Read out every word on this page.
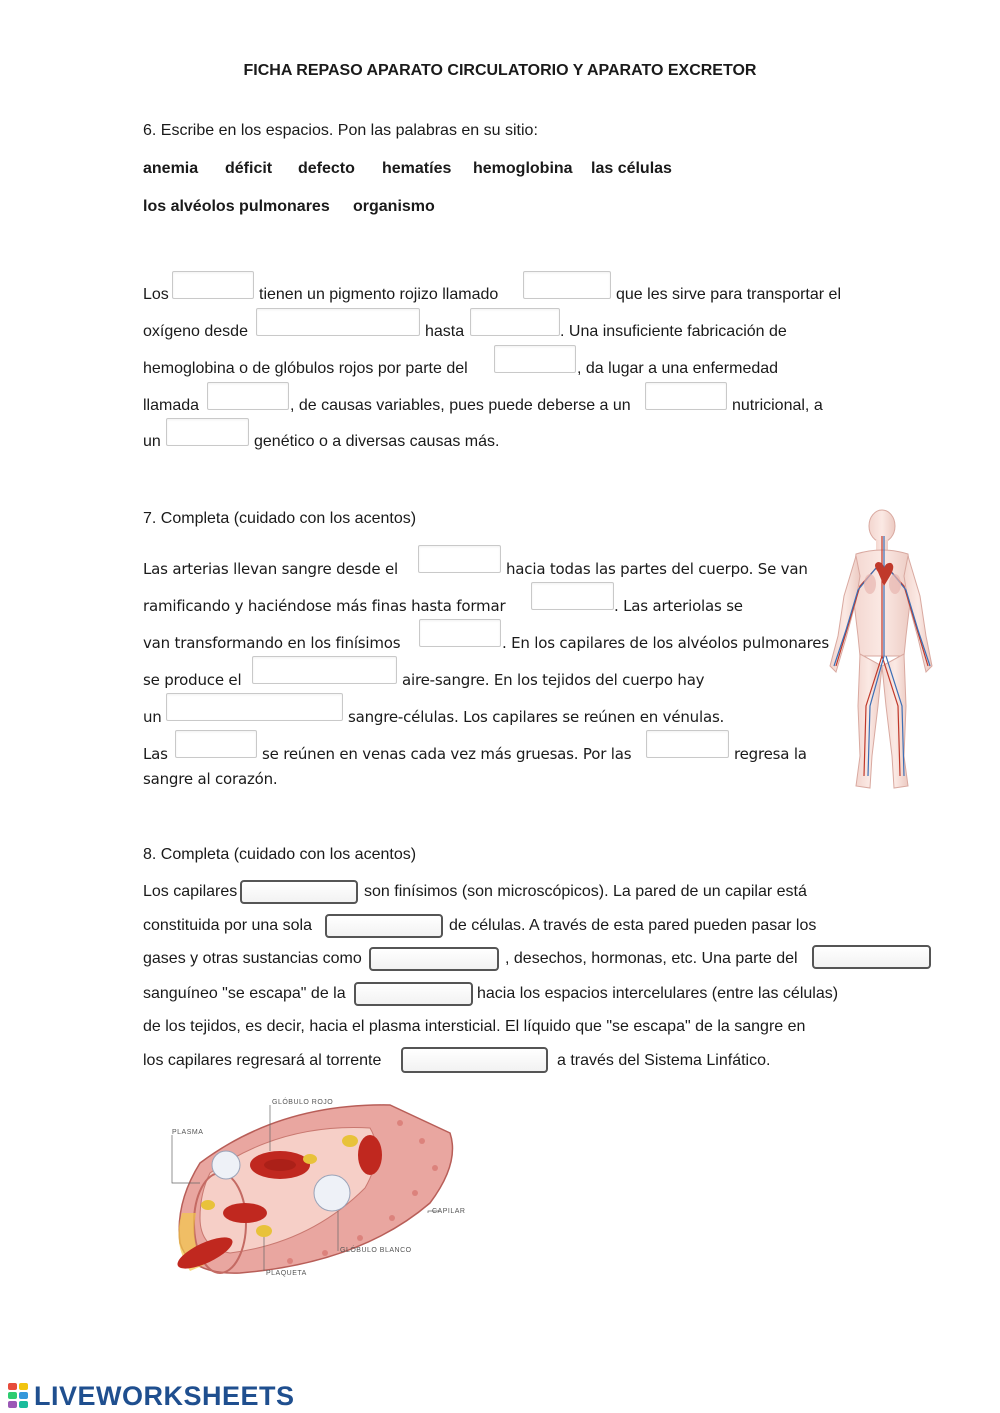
FICHA REPASO APARATO CIRCULATORIO Y APARATO EXCRETOR
6. Escribe en los espacios. Pon las palabras en su sitio:
anemia déficit defecto hematíes hemoglobina las células
los alvéolos pulmonares organismo
Los	tienen un pigmento rojizo llamado	que les sirve para transportar el
oxígeno desde	hasta	. Una insuficiente fabricación de
hemoglobina o de glóbulos rojos por parte del	, da lugar a una enfermedad
llamada	, de causas variables, pues puede deberse a un	nutricional, a
un	genético o a diversas causas más.
7. Completa (cuidado con los acentos)
Las arterias llevan sangre desde el	hacia todas las partes del cuerpo. Se van
ramificando y haciéndose más finas hasta formar	. Las arteriolas se
van transformando en los finísimos	. En los capilares de los alvéolos pulmonares
se produce el	aire-sangre. En los tejidos del cuerpo hay
un	sangre-células. Los capilares se reúnen en vénulas.
Las	se reúnen en venas cada vez más gruesas. Por las	regresa la
sangre al corazón.
8. Completa (cuidado con los acentos)
Los capilares	son finísimos (son microscópicos). La pared de un capilar está
constituida por una sola	de células. A través de esta pared pueden pasar los
gases y otras sustancias como	, desechos, hormonas, etc. Una parte del
sanguíneo "se escapa" de la	hacia los espacios intercelulares (entre las células)
de los tejidos, es decir, hacia el plasma intersticial. El líquido que "se escapa" de la sangre en
los capilares regresará al torrente	a través del Sistema Linfático.
GLÓBULO ROJO
PLASMA
CAPILAR
GLÓBULO BLANCO
PLAQUETA
LIVEWORKSHEETS
